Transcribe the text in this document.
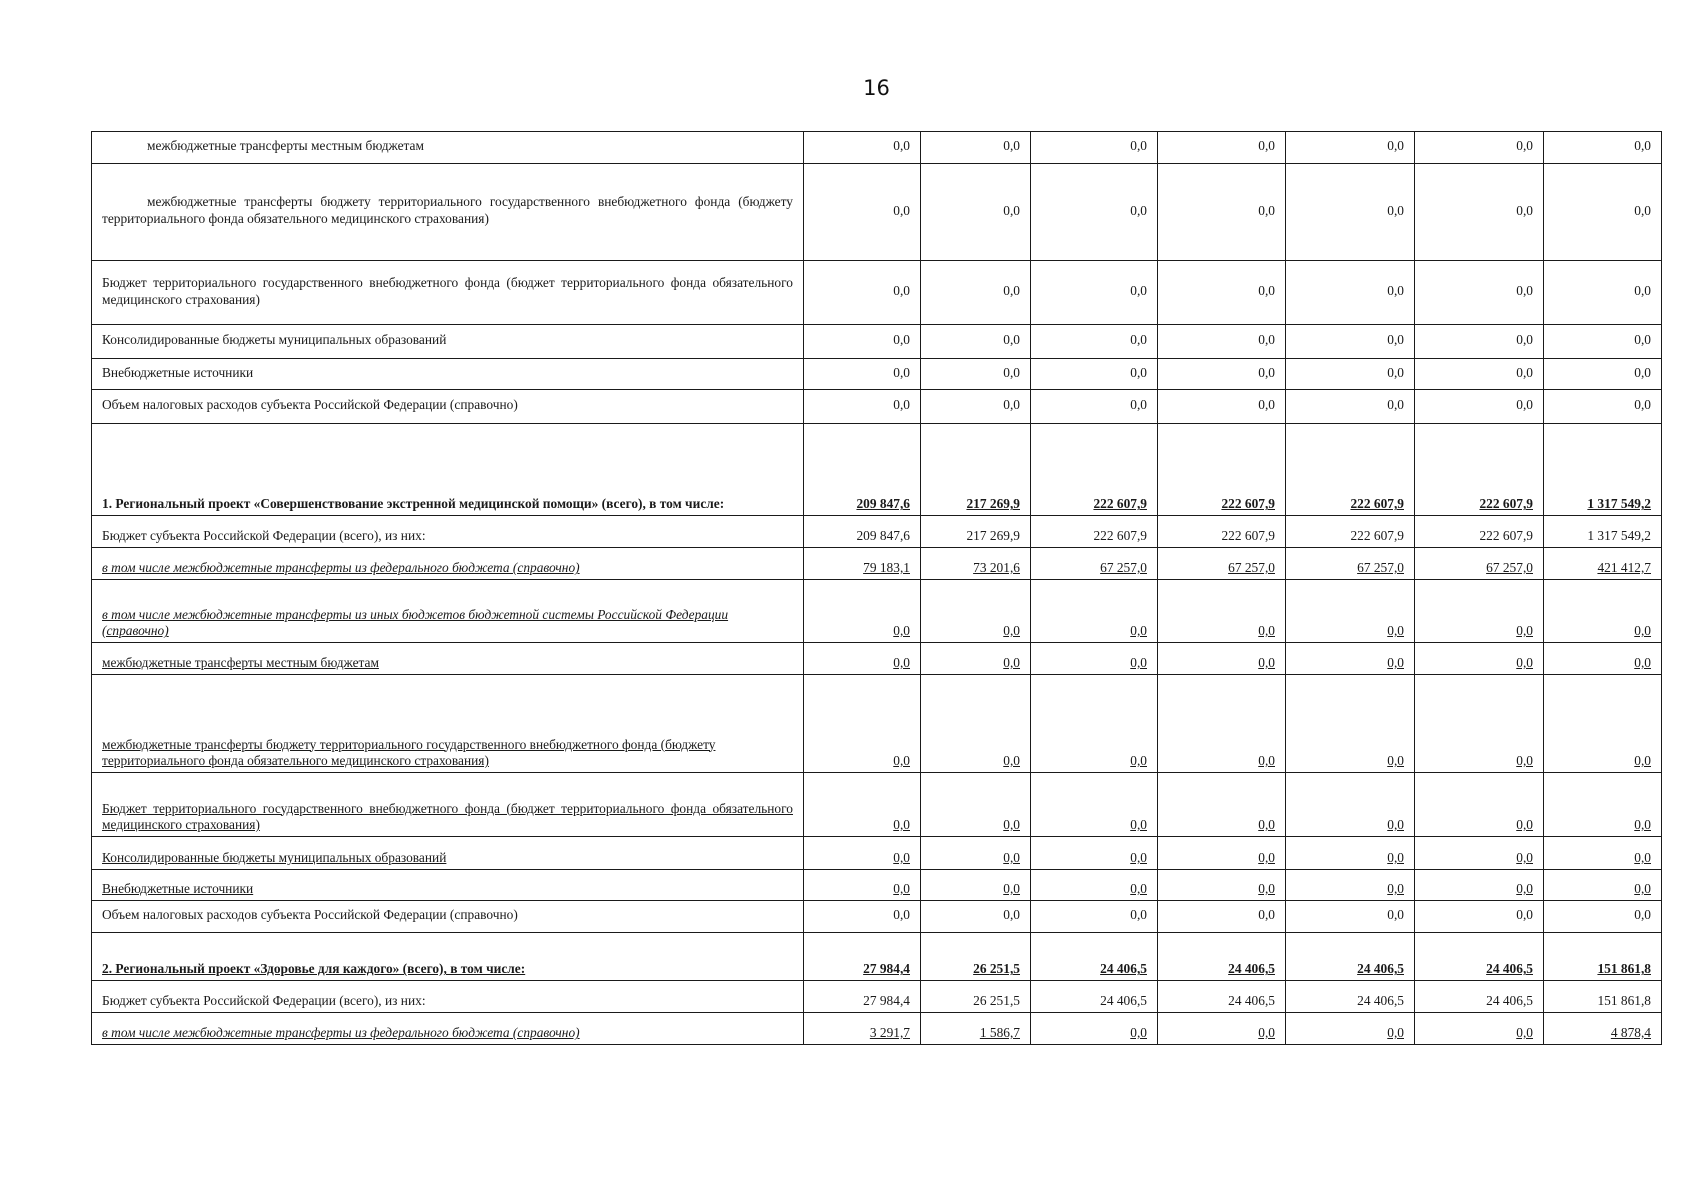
16
межбюджетные трансферты местным бюджетам	0,0	0,0	0,0	0,0	0,0	0,0	0,0
межбюджетные трансферты бюджету территориального государственного внебюджетного фонда (бюджету территориального фонда обязательного медицинского страхования)	0,0	0,0	0,0	0,0	0,0	0,0	0,0
Бюджет территориального государственного внебюджетного фонда (бюджет территориального фонда обязательного медицинского страхования)	0,0	0,0	0,0	0,0	0,0	0,0	0,0
Консолидированные бюджеты муниципальных образований	0,0	0,0	0,0	0,0	0,0	0,0	0,0
Внебюджетные источники	0,0	0,0	0,0	0,0	0,0	0,0	0,0
Объем налоговых расходов субъекта Российской Федерации (справочно)	0,0	0,0	0,0	0,0	0,0	0,0	0,0
1. Региональный проект «Совершенствование экстренной медицинской помощи» (всего), в том числе:	209 847,6	217 269,9	222 607,9	222 607,9	222 607,9	222 607,9	1 317 549,2
Бюджет субъекта Российской Федерации (всего), из них:	209 847,6	217 269,9	222 607,9	222 607,9	222 607,9	222 607,9	1 317 549,2
в том числе межбюджетные трансферты из федерального бюджета (справочно)	79 183,1	73 201,6	67 257,0	67 257,0	67 257,0	67 257,0	421 412,7
в том числе межбюджетные трансферты из иных бюджетов бюджетной системы Российской Федерации (справочно)	0,0	0,0	0,0	0,0	0,0	0,0	0,0
межбюджетные трансферты местным бюджетам	0,0	0,0	0,0	0,0	0,0	0,0	0,0
межбюджетные трансферты бюджету территориального государственного внебюджетного фонда (бюджету территориального фонда обязательного медицинского страхования)	0,0	0,0	0,0	0,0	0,0	0,0	0,0
Бюджет территориального государственного внебюджетного фонда (бюджет территориального фонда обязательного медицинского страхования)	0,0	0,0	0,0	0,0	0,0	0,0	0,0
Консолидированные бюджеты муниципальных образований	0,0	0,0	0,0	0,0	0,0	0,0	0,0
Внебюджетные источники	0,0	0,0	0,0	0,0	0,0	0,0	0,0
Объем налоговых расходов субъекта Российской Федерации (справочно)	0,0	0,0	0,0	0,0	0,0	0,0	0,0
2. Региональный проект «Здоровье для каждого» (всего), в том числе:	27 984,4	26 251,5	24 406,5	24 406,5	24 406,5	24 406,5	151 861,8
Бюджет субъекта Российской Федерации (всего), из них:	27 984,4	26 251,5	24 406,5	24 406,5	24 406,5	24 406,5	151 861,8
в том числе межбюджетные трансферты из федерального бюджета (справочно)	3 291,7	1 586,7	0,0	0,0	0,0	0,0	4 878,4
